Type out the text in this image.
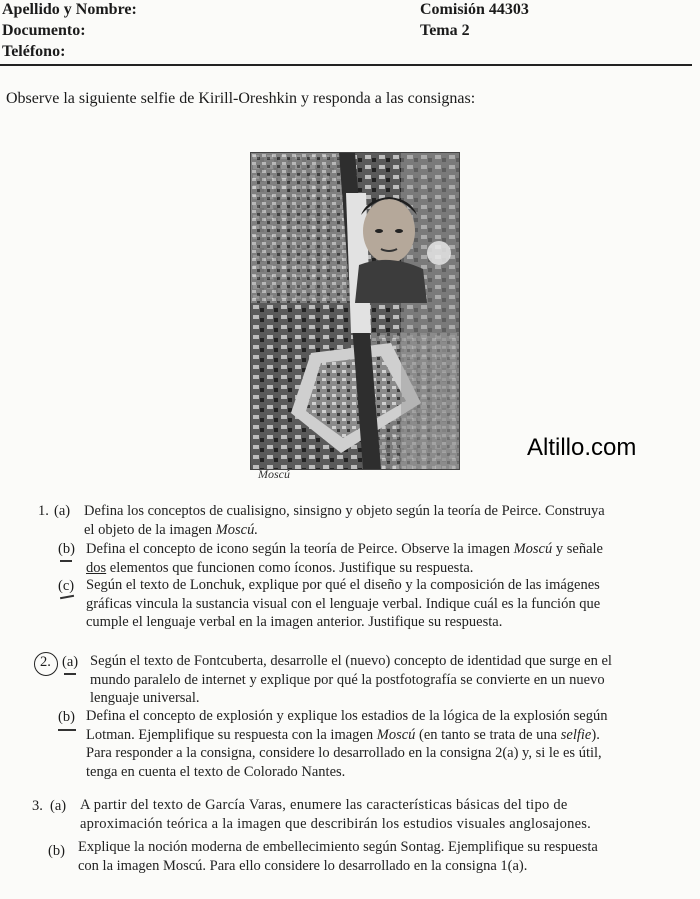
Apellido y Nombre:
Documento:
Teléfono:
Comisión 44303
Tema 2
Observe la siguiente selfie de Kirill-Oreshkin y responda a las consignas:
Moscú
Altillo.com
1. (a) Defina los conceptos de cualisigno, sinsigno y objeto según la teoría de Peirce. Construya
el objeto de la imagen Moscú.
(b) Defina el concepto de icono según la teoría de Peirce. Observe la imagen Moscú y señale
dos elementos que funcionen como íconos. Justifique su respuesta.
(c) Según el texto de Lonchuk, explique por qué el diseño y la composición de las imágenes
gráficas vincula la sustancia visual con el lenguaje verbal. Indique cuál es la función que
cumple el lenguaje verbal en la imagen anterior. Justifique su respuesta.
2. (a) Según el texto de Fontcuberta, desarrolle el (nuevo) concepto de identidad que surge en el
mundo paralelo de internet y explique por qué la postfotografía se convierte en un nuevo
lenguaje universal.
(b) Defina el concepto de explosión y explique los estadios de la lógica de la explosión según
Lotman. Ejemplifique su respuesta con la imagen Moscú (en tanto se trata de una selfie).
Para responder a la consigna, considere lo desarrollado en la consigna 2(a) y, si le es útil,
tenga en cuenta el texto de Colorado Nantes.
3. (a) A partir del texto de García Varas, enumere las características básicas del tipo de
aproximación teórica a la imagen que describirán los estudios visuales anglosajones.
(b) Explique la noción moderna de embellecimiento según Sontag. Ejemplifique su respuesta
con la imagen Moscú. Para ello considere lo desarrollado en la consigna 1(a).
